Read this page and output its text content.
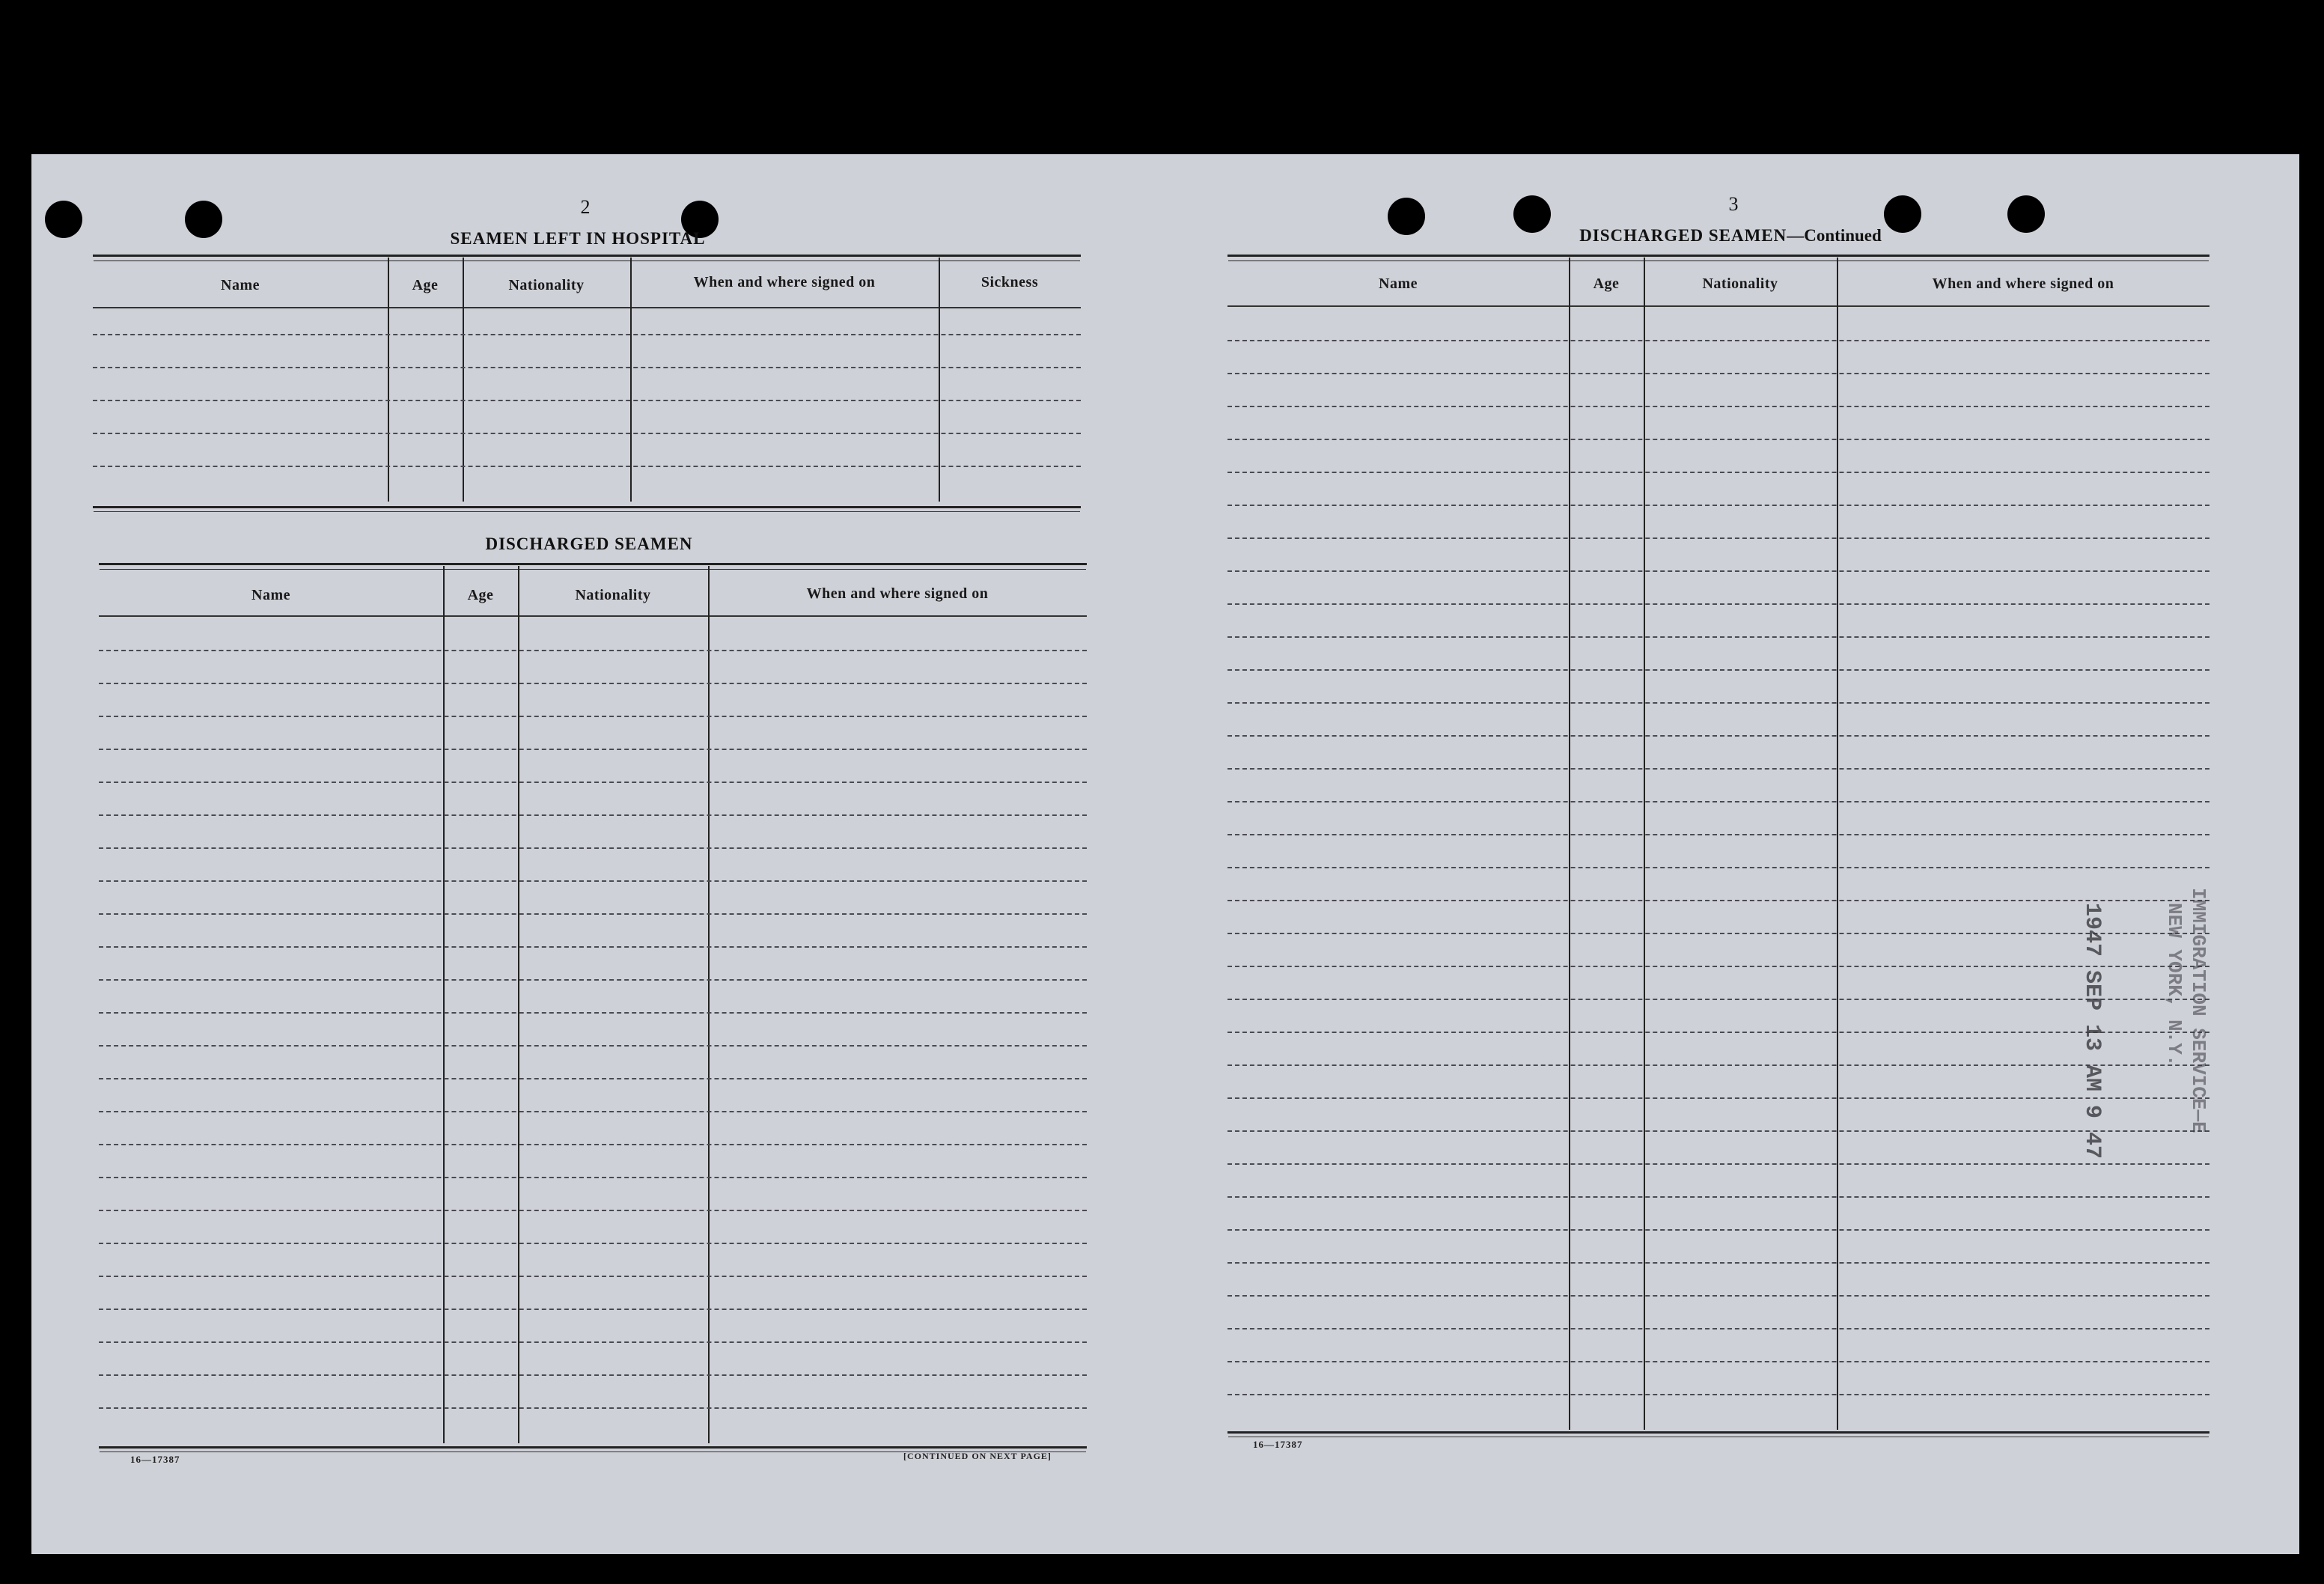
2
SEAMEN LEFT IN HOSPITAL
Name	Age	Nationality	When and where signed on	Sickness
DISCHARGED SEAMEN
Name	Age	Nationality	When and where signed on
16—17387	[CONTINUED ON NEXT PAGE]
3
DISCHARGED SEAMEN—Continued
Name	Age	Nationality	When and where signed on
16—17387
1947 SEP 13 AM 9 47	IMMIGRATION SERVICE—E
NEW YORK, N.Y.
